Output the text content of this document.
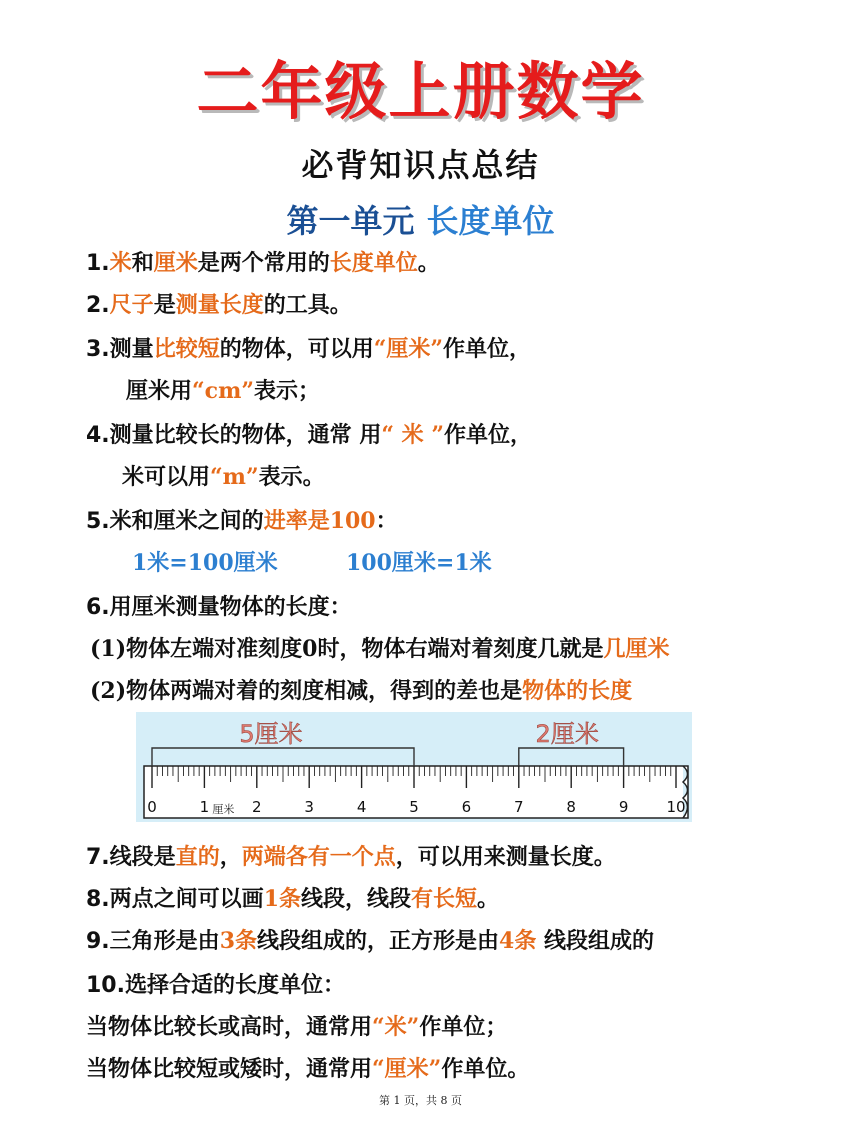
二年级上册数学
必背知识点总结
第一单元 长度单位
1.米和厘米是两个常用的长度单位。
2.尺子是测量长度的工具。
3.测量比较短的物体，可以用“厘米”作单位，
厘米用“cm”表示；
4.测量比较长的物体，通常 用“ 米 ”作单位，
米可以用“m”表示。
5.米和厘米之间的进率是100：
1米=100厘米	100厘米=1米
6.用厘米测量物体的长度：
(1)物体左端对准刻度0时，物体右端对着刻度几就是几厘米
(2)物体两端对着的刻度相减，得到的差也是物体的长度
0	1	2	3	4	5	6	7	8	9	10
5厘米	2厘米
厘米
7.线段是直的，两端各有一个点，可以用来测量长度。
8.两点之间可以画1条线段，线段有长短。
9.三角形是由3条线段组成的，正方形是由4条 线段组成的
10.选择合适的长度单位：
当物体比较长或高时，通常用“米”作单位；
当物体比较短或矮时，通常用“厘米”作单位。
第 1 页，共 8 页
